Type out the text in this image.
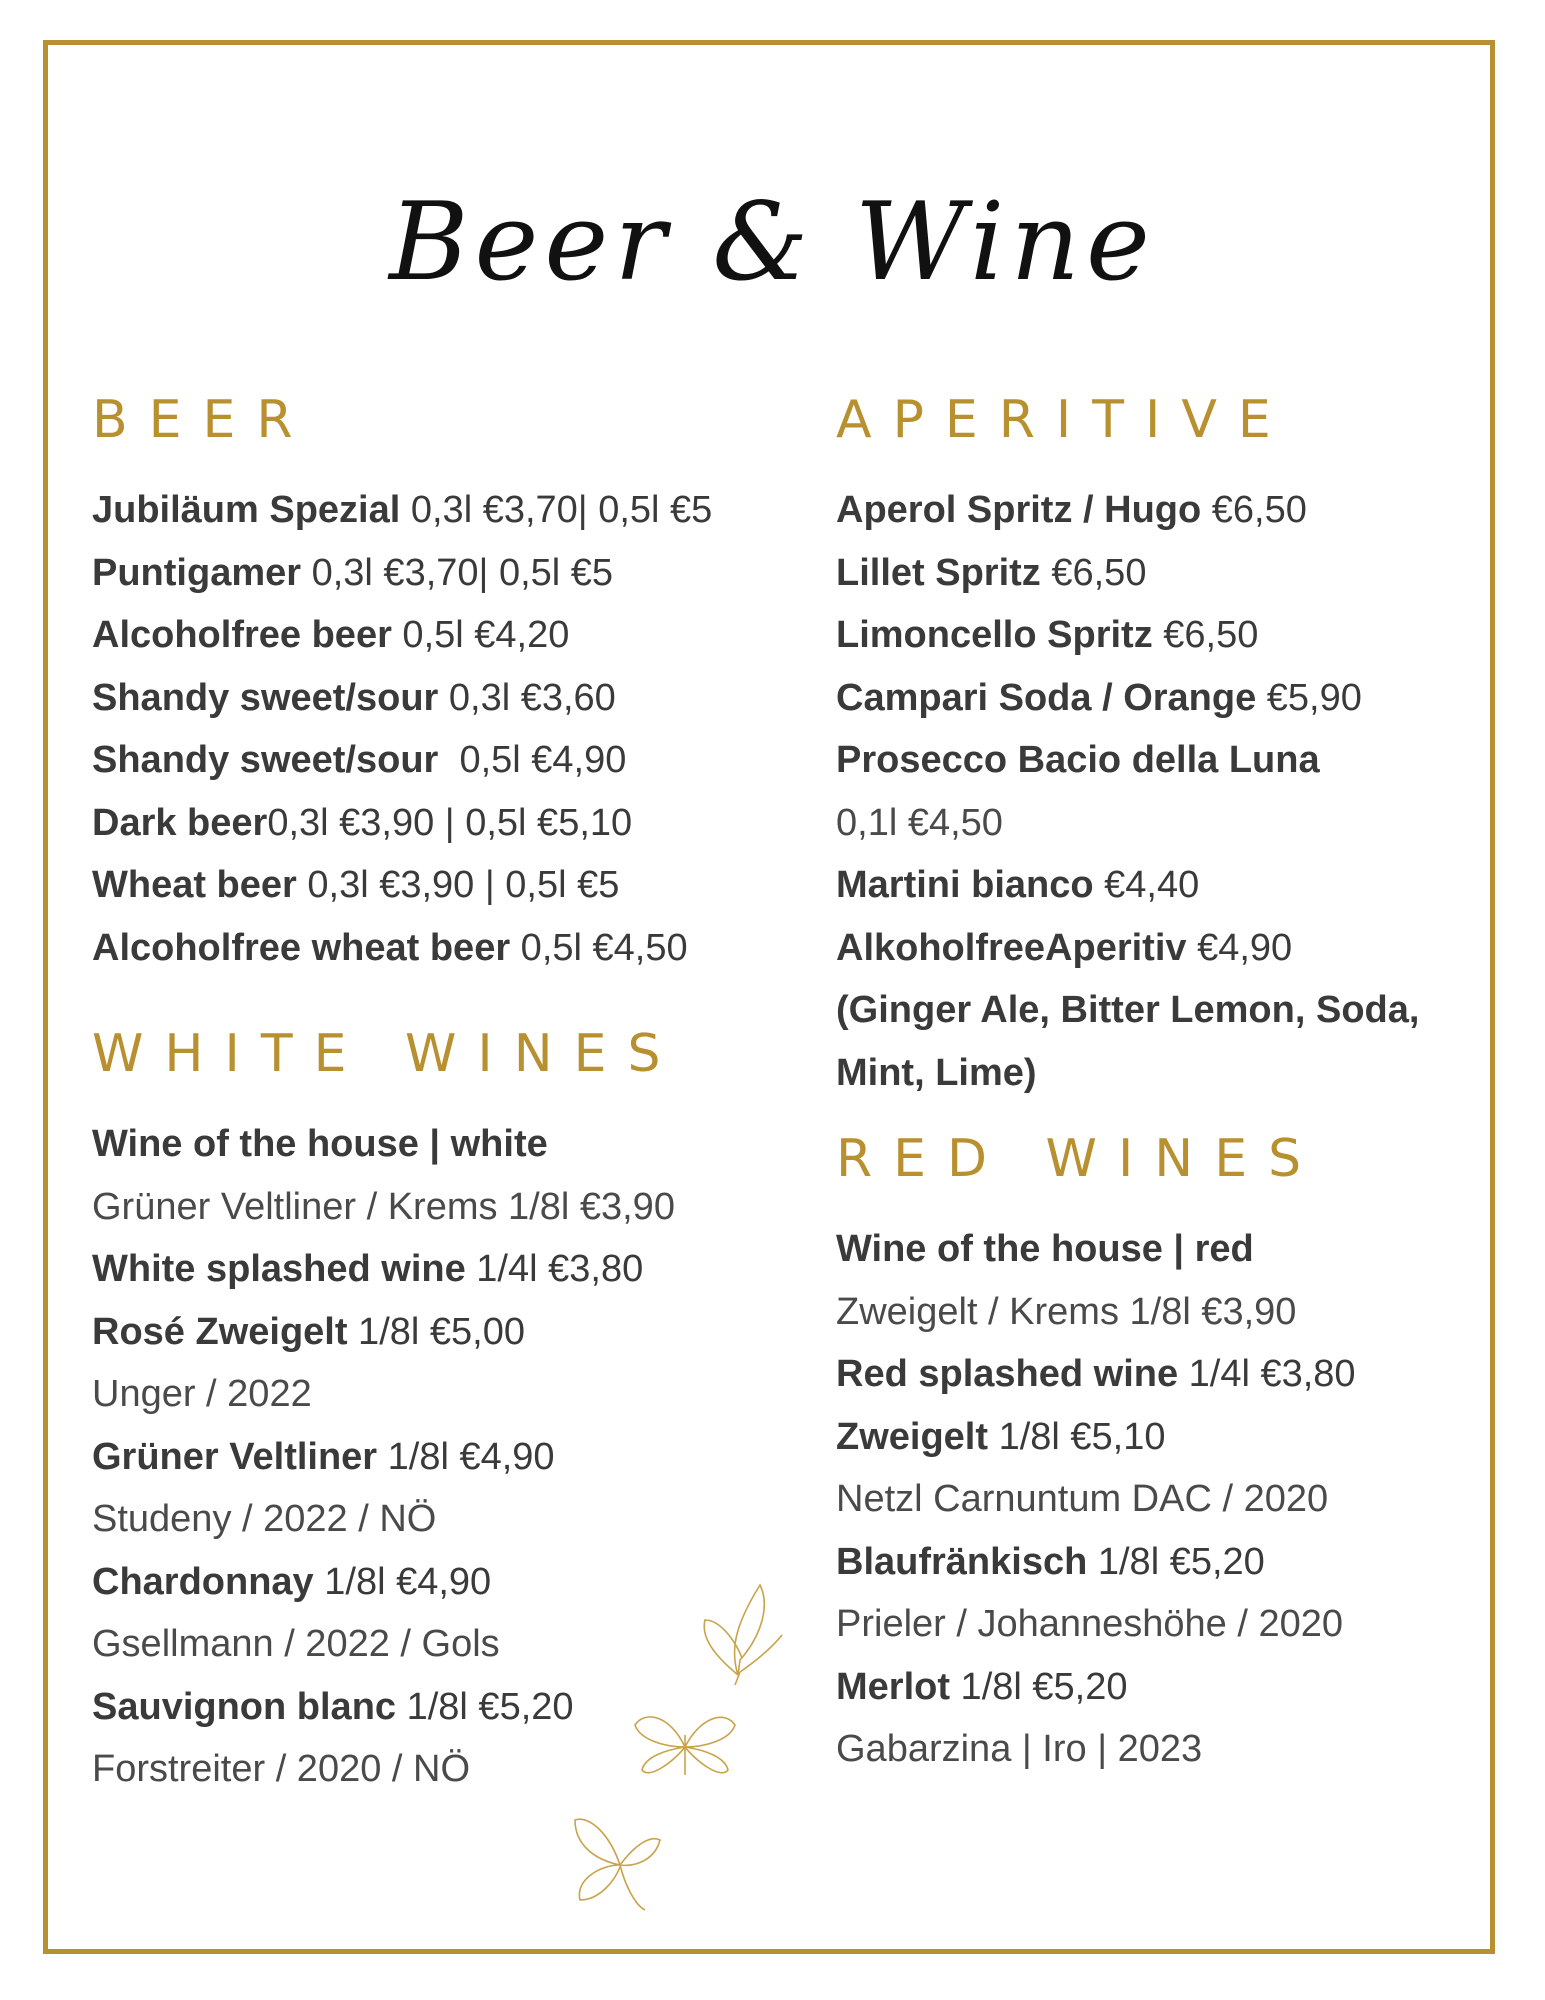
Beer & Wine
BEER
Jubiläum Spezial 0,3l €3,70| 0,5l €5
Puntigamer 0,3l €3,70| 0,5l €5
Alcoholfree beer 0,5l €4,20
Shandy sweet/sour 0,3l €3,60
Shandy sweet/sour  0,5l €4,90
Dark beer0,3l €3,90 | 0,5l €5,10
Wheat beer 0,3l €3,90 | 0,5l €5
Alcoholfree wheat beer 0,5l €4,50
WHITE WINES
Wine of the house | white
Grüner Veltliner / Krems 1/8l €3,90
White splashed wine 1/4l €3,80
Rosé Zweigelt 1/8l €5,00
Unger / 2022
Grüner Veltliner 1/8l €4,90
Studeny / 2022 / NÖ
Chardonnay 1/8l €4,90
Gsellmann / 2022 / Gols
Sauvignon blanc 1/8l €5,20
Forstreiter / 2020 / NÖ
APERITIVE
Aperol Spritz / Hugo €6,50
Lillet Spritz €6,50
Limoncello Spritz €6,50
Campari Soda / Orange €5,90
Prosecco Bacio della Luna
0,1l €4,50
Martini bianco €4,40
AlkoholfreeAperitiv €4,90
(Ginger Ale, Bitter Lemon, Soda,
Mint, Lime)
RED WINES
Wine of the house | red
Zweigelt / Krems 1/8l €3,90
Red splashed wine 1/4l €3,80
Zweigelt 1/8l €5,10
Netzl Carnuntum DAC / 2020
Blaufränkisch 1/8l €5,20
Prieler / Johanneshöhe / 2020
Merlot 1/8l €5,20
Gabarzina | Iro | 2023
